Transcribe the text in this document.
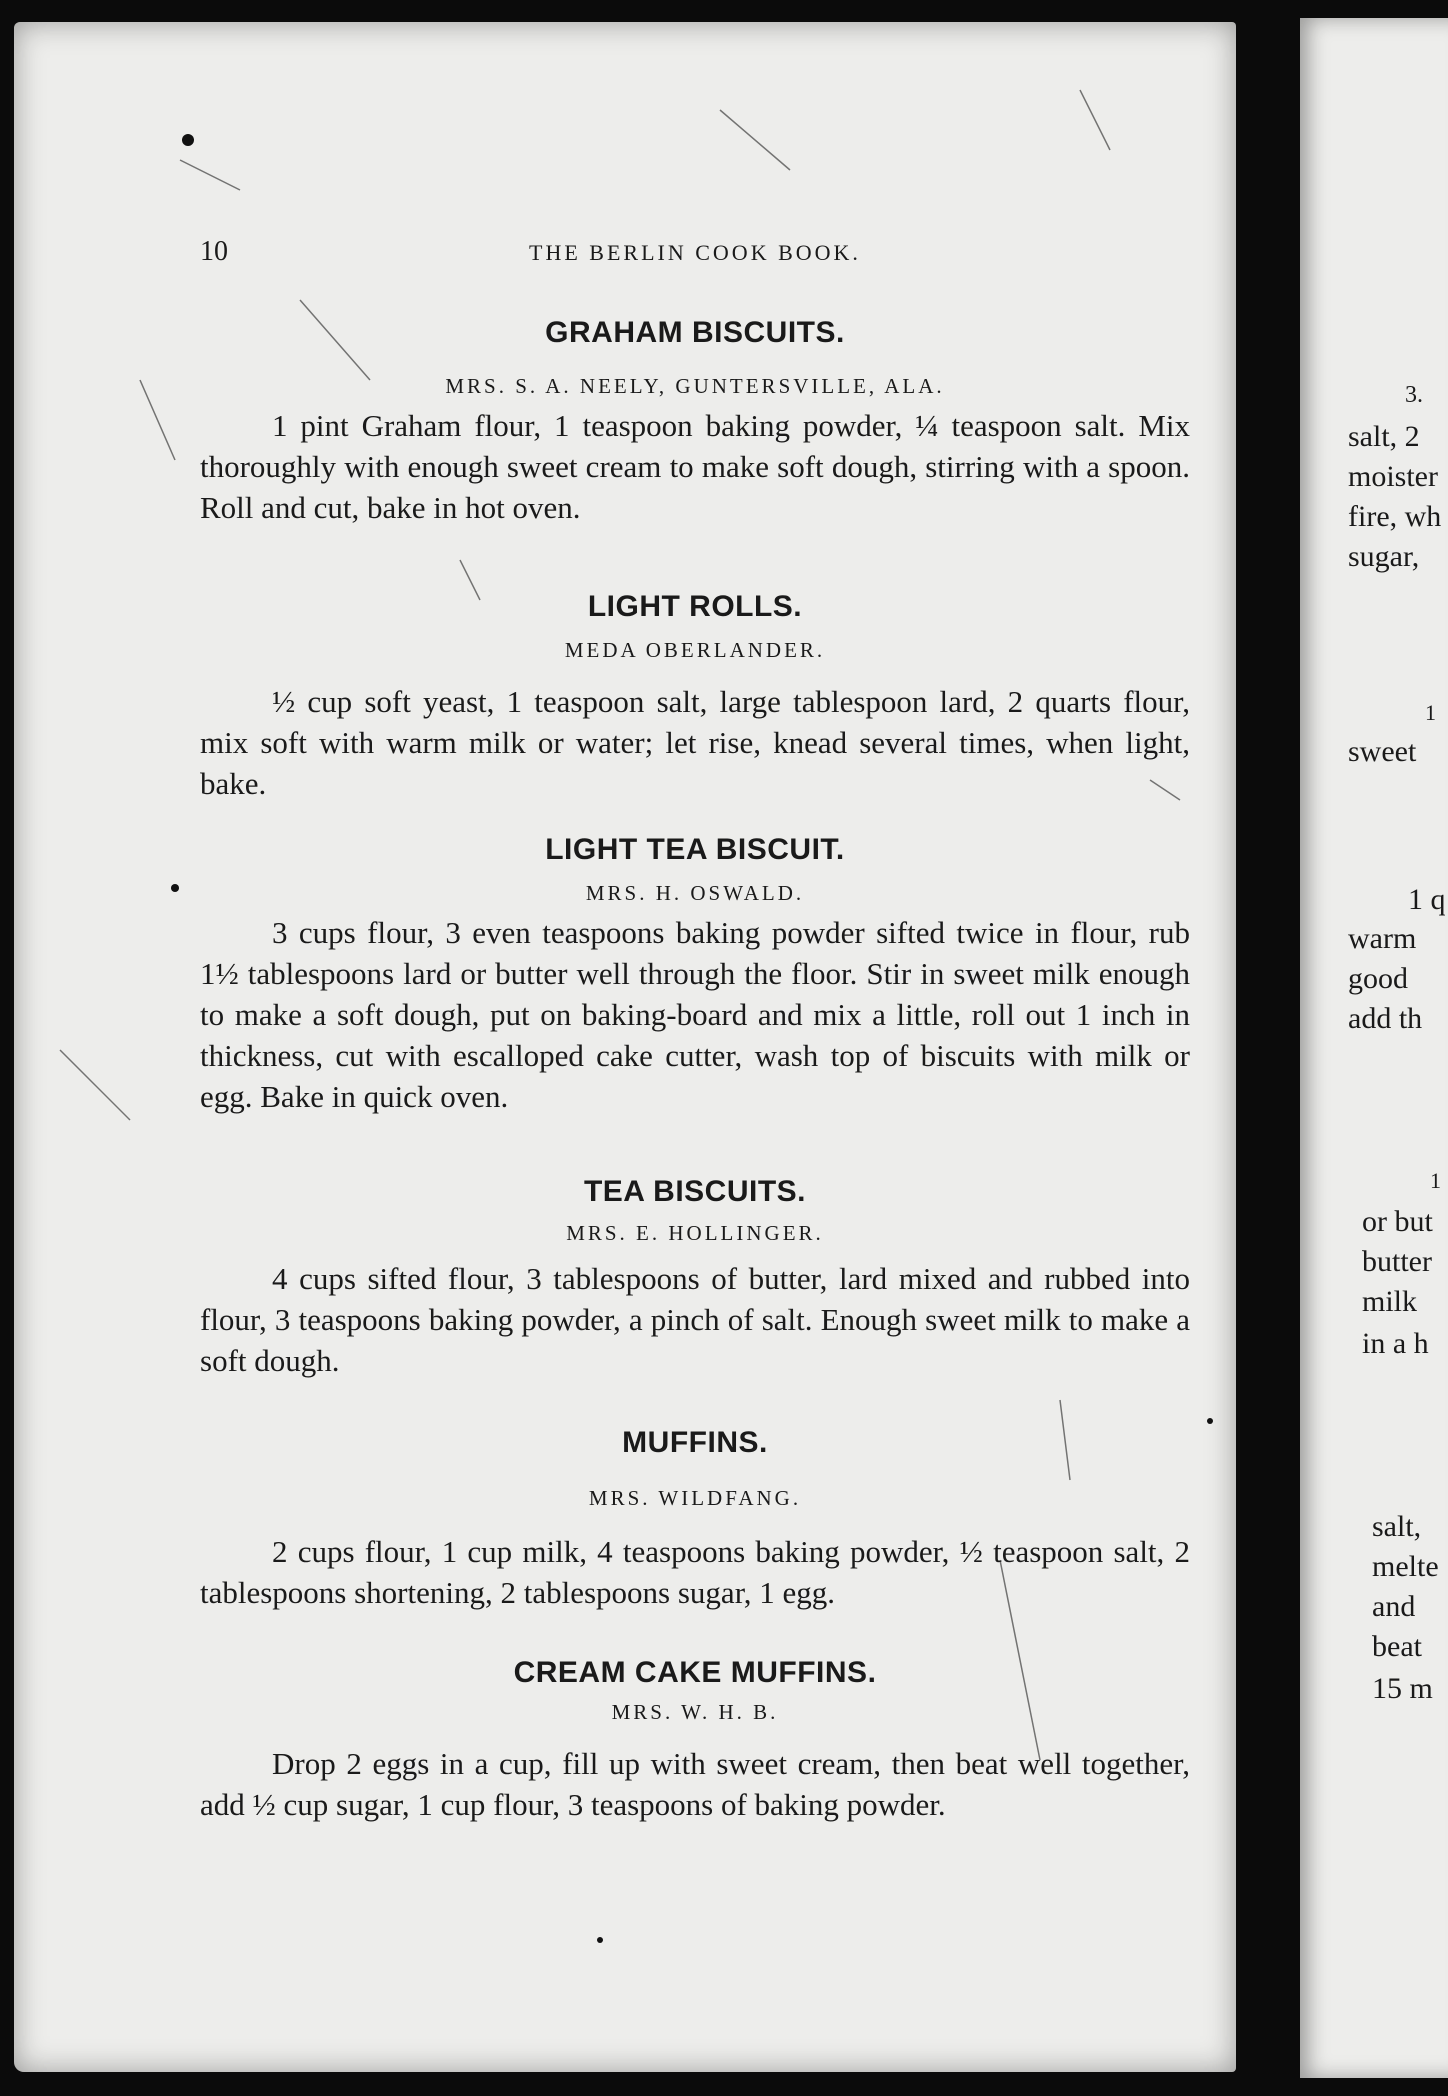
3.
salt, 2
moister
fire, wh
sugar,
1
sweet
1 q
warm
good
add th
1
or but
butter
milk
in a h
salt,
melte
and
beat
15 m
10	THE BERLIN COOK BOOK.
GRAHAM BISCUITS.

MRS. S. A. NEELY, GUNTERSVILLE, ALA.

1 pint Graham flour, 1 teaspoon baking powder, ¼ teaspoon salt. Mix thoroughly with enough sweet cream to make soft dough, stirring with a spoon. Roll and cut, bake in hot oven.

LIGHT ROLLS.

MEDA OBERLANDER.

½ cup soft yeast, 1 teaspoon salt, large tablespoon lard, 2 quarts flour, mix soft with warm milk or water; let rise, knead several times, when light, bake.

LIGHT TEA BISCUIT.

MRS. H. OSWALD.

3 cups flour, 3 even teaspoons baking powder sifted twice in flour, rub 1½ tablespoons lard or butter well through the floor. Stir in sweet milk enough to make a soft dough, put on baking-board and mix a little, roll out 1 inch in thickness, cut with escalloped cake cutter, wash top of biscuits with milk or egg. Bake in quick oven.

TEA BISCUITS.

MRS. E. HOLLINGER.

4 cups sifted flour, 3 tablespoons of butter, lard mixed and rubbed into flour, 3 teaspoons baking powder, a pinch of salt. Enough sweet milk to make a soft dough.

MUFFINS.

MRS. WILDFANG.

2 cups flour, 1 cup milk, 4 teaspoons baking powder, ½ teaspoon salt, 2 tablespoons shortening, 2 tablespoons sugar, 1 egg.

CREAM CAKE MUFFINS.

MRS. W. H. B.

Drop 2 eggs in a cup, fill up with sweet cream, then beat well together, add ½ cup sugar, 1 cup flour, 3 teaspoons of baking powder.
